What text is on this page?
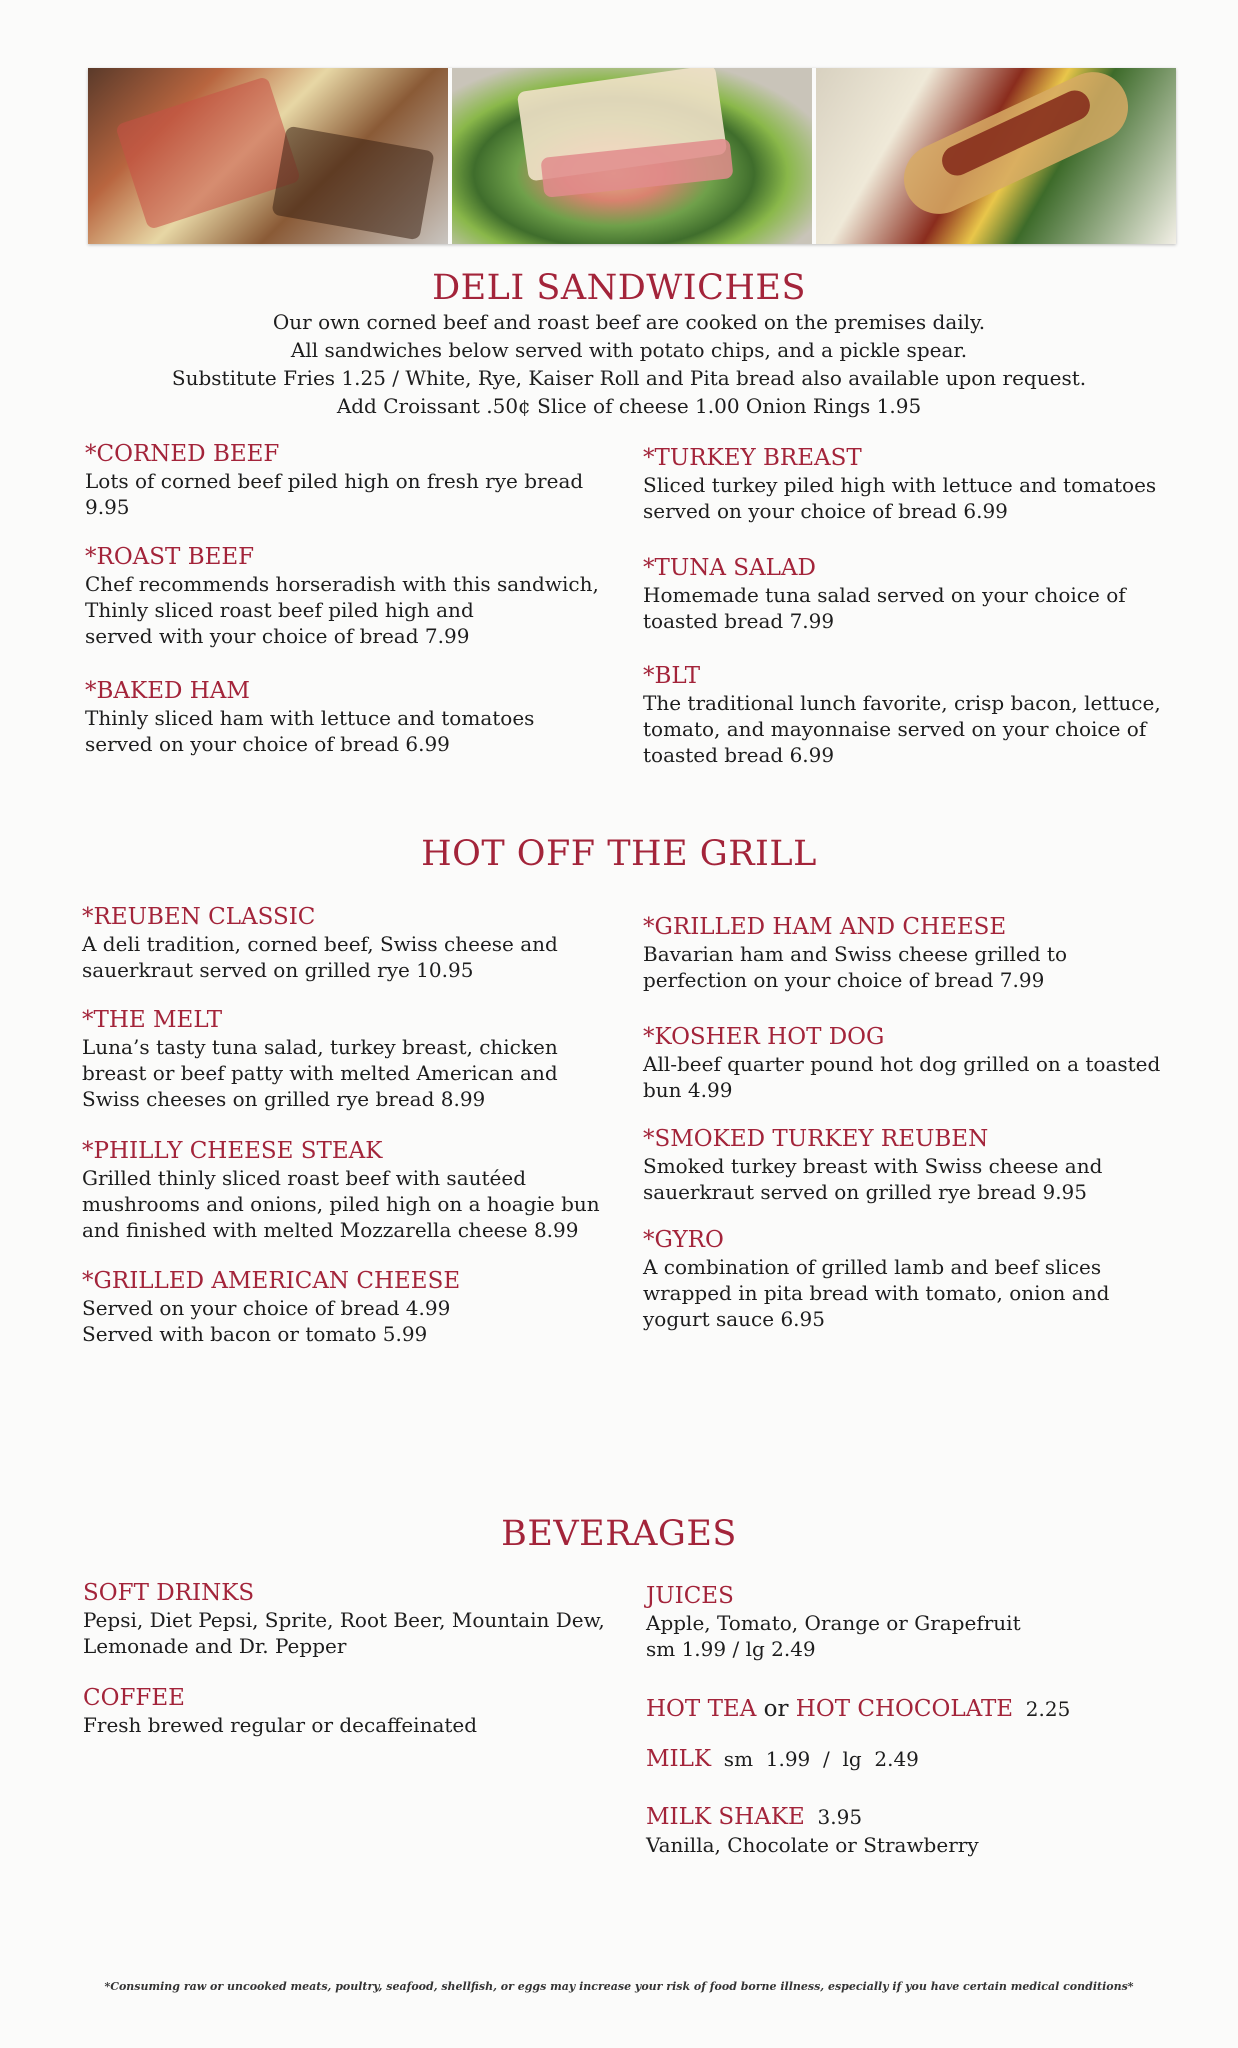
DELI SANDWICHES
Our own corned beef and roast beef are cooked on the premises daily.
All sandwiches below served with potato chips, and a pickle spear.
Substitute Fries 1.25 / White, Rye, Kaiser Roll and Pita bread also available upon request.
Add Croissant .50¢ Slice of cheese 1.00 Onion Rings 1.95
*CORNED BEEF
Lots of corned beef piled high on fresh rye bread
9.95
*ROAST BEEF
Chef recommends horseradish with this sandwich,
Thinly sliced roast beef piled high and
served with your choice of bread 7.99
*BAKED HAM
Thinly sliced ham with lettuce and tomatoes
served on your choice of bread 6.99
*TURKEY BREAST
Sliced turkey piled high with lettuce and tomatoes
served on your choice of bread 6.99
*TUNA SALAD
Homemade tuna salad served on your choice of
toasted bread 7.99
*BLT
The traditional lunch favorite, crisp bacon, lettuce,
tomato, and mayonnaise served on your choice of
toasted bread 6.99
HOT OFF THE GRILL
*REUBEN CLASSIC
A deli tradition, corned beef, Swiss cheese and
sauerkraut served on grilled rye 10.95
*THE MELT
Luna’s tasty tuna salad, turkey breast, chicken
breast or beef patty with melted American and
Swiss cheeses on grilled rye bread 8.99
*PHILLY CHEESE STEAK
Grilled thinly sliced roast beef with sautéed
mushrooms and onions, piled high on a hoagie bun
and finished with melted Mozzarella cheese 8.99
*GRILLED AMERICAN CHEESE
Served on your choice of bread 4.99
Served with bacon or tomato 5.99
*GRILLED HAM AND CHEESE
Bavarian ham and Swiss cheese grilled to
perfection on your choice of bread 7.99
*KOSHER HOT DOG
All-beef quarter pound hot dog grilled on a toasted
bun 4.99
*SMOKED TURKEY REUBEN
Smoked turkey breast with Swiss cheese and
sauerkraut served on grilled rye bread 9.95
*GYRO
A combination of grilled lamb and beef slices
wrapped in pita bread with tomato, onion and
yogurt sauce 6.95
BEVERAGES
SOFT DRINKS
Pepsi, Diet Pepsi, Sprite, Root Beer, Mountain Dew,
Lemonade and Dr. Pepper
COFFEE
Fresh brewed regular or decaffeinated
JUICES
Apple, Tomato, Orange or Grapefruit
sm 1.99 / lg 2.49
HOT TEA or HOT CHOCOLATE  2.25
MILK  sm  1.99  /  lg  2.49
MILK SHAKE  3.95
Vanilla, Chocolate or Strawberry
*Consuming raw or uncooked meats, poultry, seafood, shellfish, or eggs may increase your risk of food borne illness, especially if you have certain medical conditions*
